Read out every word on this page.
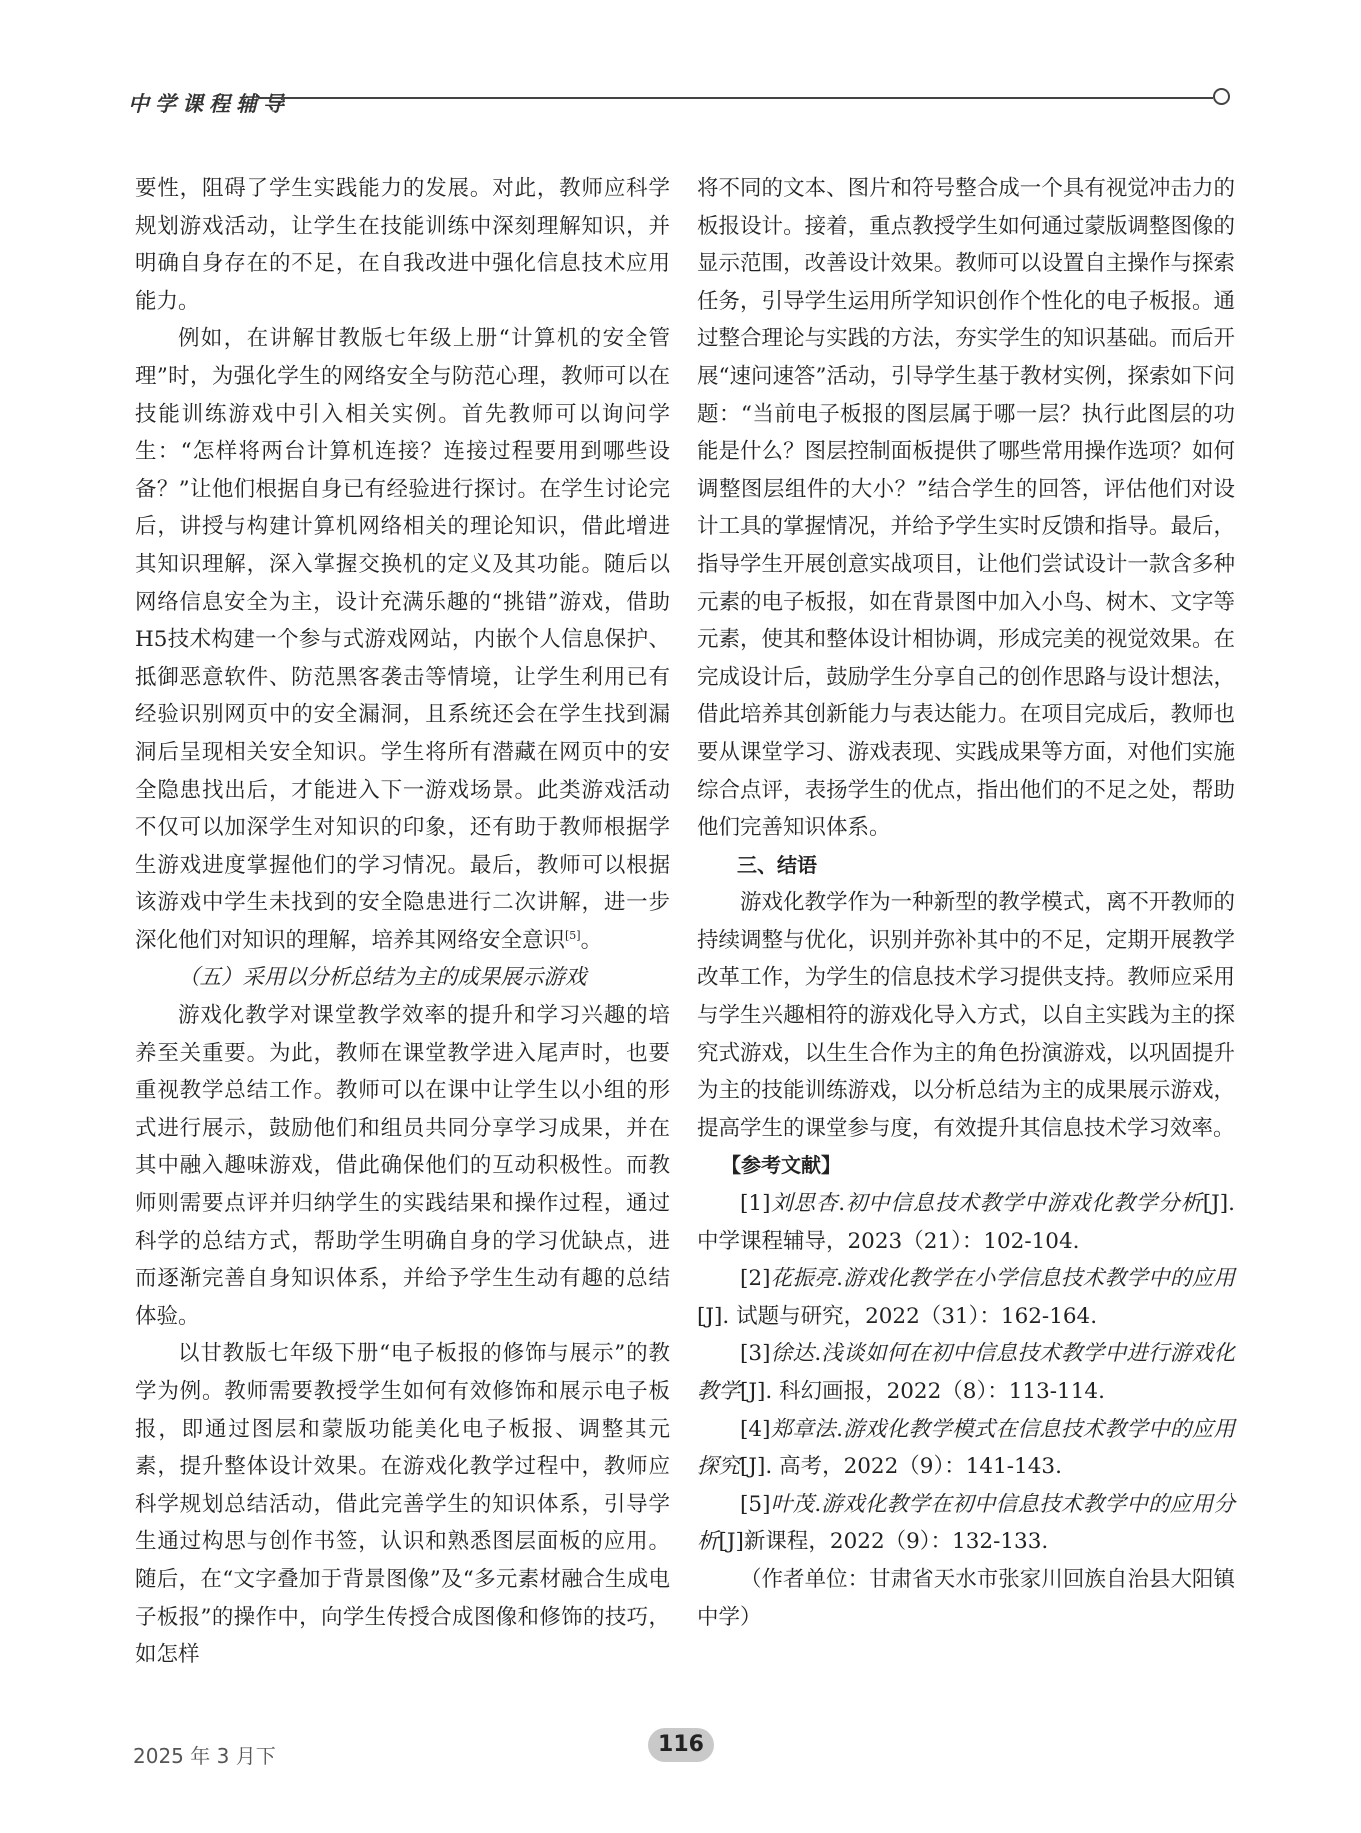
中学课程辅导

要性，阻碍了学生实践能力的发展。对此，教师应科学规划游戏活动，让学生在技能训练中深刻理解知识，并明确自身存在的不足，在自我改进中强化信息技术应用能力。

例如，在讲解甘教版七年级上册“计算机的安全管理”时，为强化学生的网络安全与防范心理，教师可以在技能训练游戏中引入相关实例。首先教师可以询问学生：“怎样将两台计算机连接？连接过程要用到哪些设备？”让他们根据自身已有经验进行探讨。在学生讨论完后，讲授与构建计算机网络相关的理论知识，借此增进其知识理解，深入掌握交换机的定义及其功能。随后以网络信息安全为主，设计充满乐趣的“挑错”游戏，借助H5技术构建一个参与式游戏网站，内嵌个人信息保护、抵御恶意软件、防范黑客袭击等情境，让学生利用已有经验识别网页中的安全漏洞，且系统还会在学生找到漏洞后呈现相关安全知识。学生将所有潜藏在网页中的安全隐患找出后，才能进入下一游戏场景。此类游戏活动不仅可以加深学生对知识的印象，还有助于教师根据学生游戏进度掌握他们的学习情况。最后，教师可以根据该游戏中学生未找到的安全隐患进行二次讲解，进一步深化他们对知识的理解，培养其网络安全意识[5]。

（五）采用以分析总结为主的成果展示游戏

游戏化教学对课堂教学效率的提升和学习兴趣的培养至关重要。为此，教师在课堂教学进入尾声时，也要重视教学总结工作。教师可以在课中让学生以小组的形式进行展示，鼓励他们和组员共同分享学习成果，并在其中融入趣味游戏，借此确保他们的互动积极性。而教师则需要点评并归纳学生的实践结果和操作过程，通过科学的总结方式，帮助学生明确自身的学习优缺点，进而逐渐完善自身知识体系，并给予学生生动有趣的总结体验。

以甘教版七年级下册“电子板报的修饰与展示”的教学为例。教师需要教授学生如何有效修饰和展示电子板报，即通过图层和蒙版功能美化电子板报、调整其元素，提升整体设计效果。在游戏化教学过程中，教师应科学规划总结活动，借此完善学生的知识体系，引导学生通过构思与创作书签，认识和熟悉图层面板的应用。随后，在“文字叠加于背景图像”及“多元素材融合生成电子板报”的操作中，向学生传授合成图像和修饰的技巧，如怎样

将不同的文本、图片和符号整合成一个具有视觉冲击力的板报设计。接着，重点教授学生如何通过蒙版调整图像的显示范围，改善设计效果。教师可以设置自主操作与探索任务，引导学生运用所学知识创作个性化的电子板报。通过整合理论与实践的方法，夯实学生的知识基础。而后开展“速问速答”活动，引导学生基于教材实例，探索如下问题：“当前电子板报的图层属于哪一层？执行此图层的功能是什么？图层控制面板提供了哪些常用操作选项？如何调整图层组件的大小？”结合学生的回答，评估他们对设计工具的掌握情况，并给予学生实时反馈和指导。最后，指导学生开展创意实战项目，让他们尝试设计一款含多种元素的电子板报，如在背景图中加入小鸟、树木、文字等元素，使其和整体设计相协调，形成完美的视觉效果。在完成设计后，鼓励学生分享自己的创作思路与设计想法，借此培养其创新能力与表达能力。在项目完成后，教师也要从课堂学习、游戏表现、实践成果等方面，对他们实施综合点评，表扬学生的优点，指出他们的不足之处，帮助他们完善知识体系。

三、结语

游戏化教学作为一种新型的教学模式，离不开教师的持续调整与优化，识别并弥补其中的不足，定期开展教学改革工作，为学生的信息技术学习提供支持。教师应采用与学生兴趣相符的游戏化导入方式，以自主实践为主的探究式游戏，以生生合作为主的角色扮演游戏，以巩固提升为主的技能训练游戏，以分析总结为主的成果展示游戏，提高学生的课堂参与度，有效提升其信息技术学习效率。

【参考文献】

[1]刘思杏.初中信息技术教学中游戏化教学分析[J]. 中学课程辅导，2023（21）：102-104.

[2]花振亮.游戏化教学在小学信息技术教学中的应用[J]. 试题与研究，2022（31）：162-164.

[3]徐达.浅谈如何在初中信息技术教学中进行游戏化教学[J]. 科幻画报，2022（8）：113-114.

[4]郑章法.游戏化教学模式在信息技术教学中的应用探究[J]. 高考，2022（9）：141-143.

[5]叶茂.游戏化教学在初中信息技术教学中的应用分析[J]新课程，2022（9）：132-133.

（作者单位：甘肃省天水市张家川回族自治县大阳镇中学）

2025 年 3 月下	116
